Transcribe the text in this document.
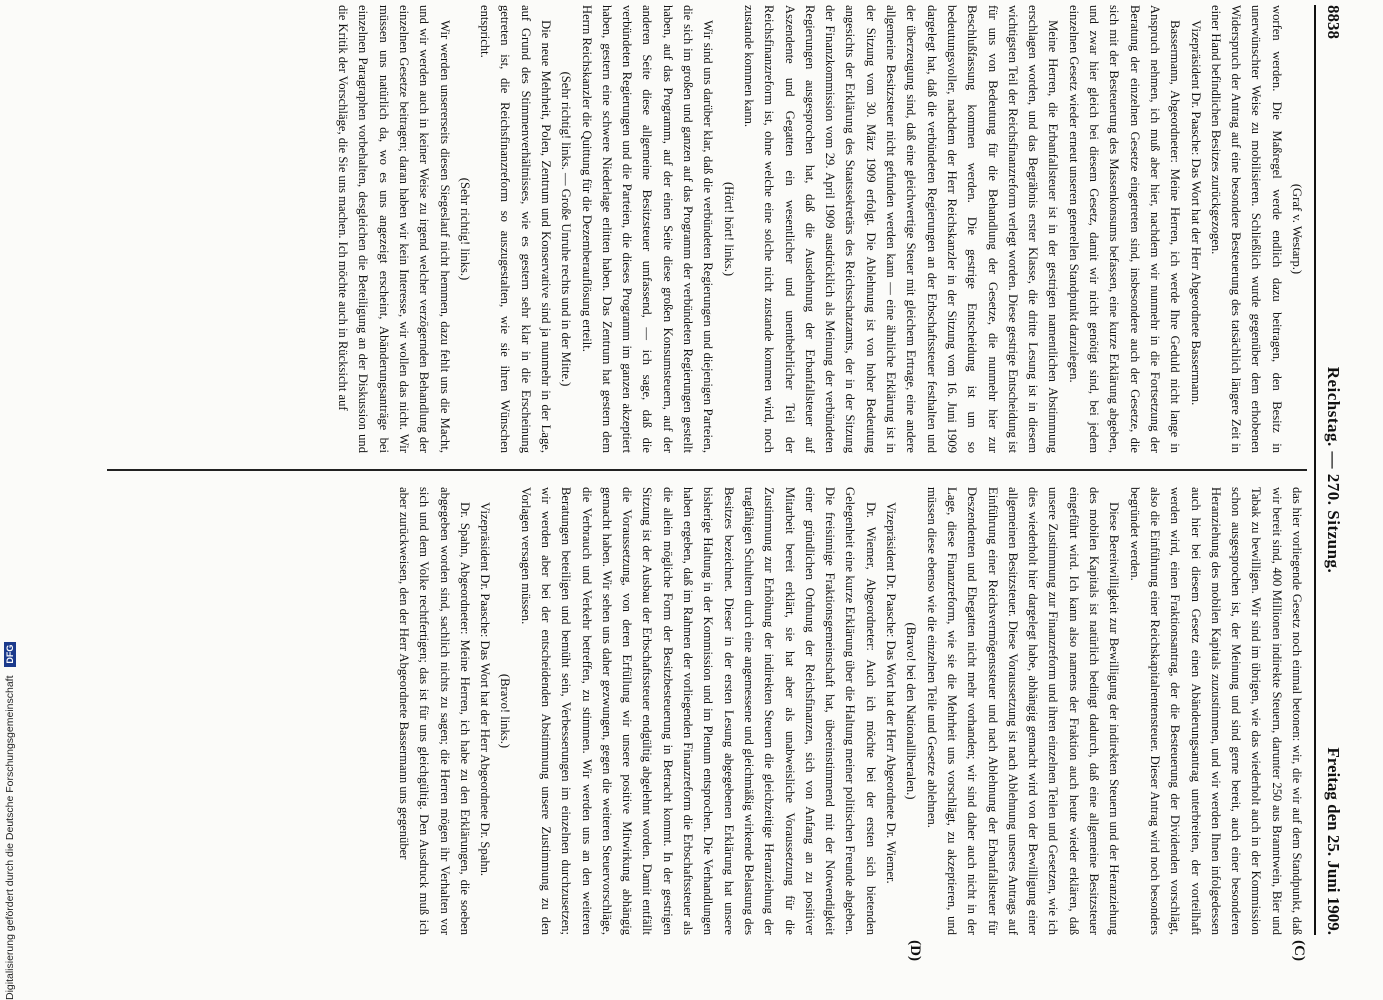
8838
Reichstag. — 270. Sitzung.
Freitag den 25. Juni 1909.
(C)
(D)

(Graf v. Westarp.)

worfen werden. Die Maßregel werde endlich dazu beitragen, den Besitz in unerwünschter Weise zu mobilisieren. Schließlich wurde gegenüber dem erhobenen Widerspruch der Antrag auf eine besondere Besteuerung des tatsächlich längere Zeit in einer Hand befindlichen Besitzes zurückgezogen.

Vizepräsident Dr. Paasche: Das Wort hat der Herr Abgeordnete Bassermann.

Bassermann, Abgeordneter: Meine Herren, ich werde Ihre Geduld nicht lange in Anspruch nehmen, ich muß aber hier, nachdem wir nunmehr in die Fortsetzung der Beratung der einzelnen Gesetze eingetreten sind, insbesondere auch der Gesetze, die sich mit der Besteuerung des Massenkonsums befassen, eine kurze Erklärung abgeben, und zwar hier gleich bei diesem Gesetz, damit wir nicht genötigt sind, bei jedem einzelnen Gesetz wieder erneut unseren generellen Standpunkt darzulegen.

Meine Herren, die Erbanfallsteuer ist in der gestrigen namentlichen Abstimmung erschlagen worden, und das Begräbnis erster Klasse, die dritte Lesung ist in diesem wichtigsten Teil der Reichsfinanzreform verlegt worden. Diese gestrige Entscheidung ist für uns von Bedeutung für die Behandlung der Gesetze, die nunmehr hier zur Beschlußfassung kommen werden. Die gestrige Entscheidung ist um so bedeutungsvoller, nachdem der Herr Reichskanzler in der Sitzung vom 16. Juni 1909 dargelegt hat, daß die verbündeten Regierungen an der Erbschaftssteuer festhalten und der überzeugung sind, daß eine gleichwertige Steuer mit gleichem Ertrage, eine andere allgemeine Besitzsteuer nicht gefunden werden kann — eine ähnliche Erklärung ist in der Sitzung vom 30. März 1909 erfolgt. Die Ablehnung ist von hoher Bedeutung angesichts der Erklärung des Staatssekretärs des Reichsschatzamts, der in der Sitzung der Finanzkommission vom 29. April 1909 ausdrücklich als Meinung der verbündeten Regierungen ausgesprochen hat, daß die Ausdehnung der Erbanfallsteuer auf Aszendente und Gegatten ein wesentlicher und unentbehrlicher Teil der Reichsfinanzreform ist, ohne welche eine solche nicht zustande kommen wird, noch zustande kommen kann.

(Hört! hört! links.)

Wir sind uns darüber klar, daß die verbündeten Regierungen und diejenigen Parteien, die sich im großen und ganzen auf das Programm der verbündeten Regierungen gestellt haben, auf das Programm, auf der einen Seite diese großen Konsumsteuern, auf der anderen Seite diese allgemeine Besitzsteuer umfassend, — ich sage, daß die verbündeten Regierungen und die Parteien, die dieses Programm im ganzen akzeptiert haben, gestern eine schwere Niederlage erlitten haben. Das Zentrum hat gestern dem Herrn Reichskanzler die Quittung für die Dezemberauflösung erteilt.

(Sehr richtig! links. — Große Unruhe rechts und in der Mitte.)

Die neue Mehrheit, Polen, Zentrum und Konservative sind ja nunmehr in der Lage, auf Grund des Stimmenverhältnisses, wie es gestern sehr klar in die Erscheinung getreten ist, die Reichsfinanzreform so auszugestalten, wie sie ihren Wünschen entspricht.

(Sehr richtig! links.)

Wir werden unsererseits diesen Siegeslauf nicht hemmen, dazu fehlt uns die Macht, und wir werden auch in keiner Weise zu irgend welcher verzögernden Behandlung der einzelnen Gesetze beitragen; daran haben wir kein Interesse, wir wollen das nicht. Wir müssen uns natürlich da, wo es uns angezeigt erscheint, Abänderungsanträge bei einzelnen Paragraphen vorbehalten, desgleichen die Beteiligung an der Diskussion und die Kritik der Vorschläge, die Sie uns machen. Ich möchte auch in Rücksicht auf

das hier vorliegende Gesetz noch einmal betonen: wir, die wir auf dem Standpunkt, daß wir bereit sind, 400 Millionen indirekte Steuern, darunter 250 aus Branntwein, Bier und Tabak zu bewilligen. Wir sind im übrigen, wie das wiederholt auch in der Kommission schon ausgesprochen ist, der Meinung und sind gerne bereit, auch einer besonderen Heranziehung des mobilen Kapitals zuzustimmen, und wir werden Ihnen infolgedessen auch hier bei diesem Gesetz einen Abänderungsantrag unterbreiten, der vorteilhaft werden wird, einen Fraktionsantrag, der die Besteuerung der Dividenden vorschlägt, also die Einführung einer Reichskapitalrentensteuer. Dieser Antrag wird noch besonders begründet werden.

Diese Bereitwilligkeit zur Bewilligung der indirekten Steuern und der Heranziehung des mobilen Kapitals ist natürlich bedingt dadurch, daß eine allgemeine Besitzsteuer eingeführt wird. Ich kann also namens der Fraktion auch heute wieder erklären, daß unsere Zustimmung zur Finanzreform und ihren einzelnen Teilen und Gesetzen, wie ich dies wiederholt hier dargelegt habe, abhängig gemacht wird von der Bewilligung einer allgemeinen Besitzsteuer. Diese Voraussetzung ist nach Ablehnung unseres Antrags auf Einführung einer Reichsvermögenssteuer und nach Ablehnung der Erbanfallsteuer für Deszendenten und Ehegatten nicht mehr vorhanden; wir sind daher auch nicht in der Lage, diese Finanzreform, wie sie die Mehrheit uns vorschlägt, zu akzeptieren, und müssen diese ebenso wie die einzelnen Teile und Gesetze ablehnen.

(Bravo! bei den Nationalliberalen.)

Vizepräsident Dr. Paasche: Das Wort hat der Herr Abgeordnete Dr. Wiemer.

Dr. Wiemer, Abgeordneter: Auch ich möchte bei der ersten sich bietenden Gelegenheit eine kurze Erklärung über die Haltung meiner politischen Freunde abgeben. Die freisinnige Fraktionsgemeinschaft hat, übereinstimmend mit der Notwendigkeit einer gründlichen Ordnung der Reichsfinanzen, sich von Anfang an zu positiver Mitarbeit bereit erklärt, sie hat aber als unabweisliche Voraussetzung für die Zustimmung zur Erhöhung der indirekten Steuern die gleichzeitige Heranziehung der tragfähigen Schultern durch eine angemessene und gleichmäßig wirkende Belastung des Besitzes bezeichnet. Dieser in der ersten Lesung abgegebenen Erklärung hat unsere bisherige Haltung in der Kommission und im Plenum entsprochen. Die Verhandlungen haben ergeben, daß im Rahmen der vorliegenden Finanzreform die Erbschaftssteuer als die allein mögliche Form der Besitzbesteuerung in Betracht kommt. In der gestrigen Sitzung ist der Ausbau der Erbschaftssteuer endgültig abgelehnt worden. Damit entfällt die Voraussetzung, von deren Erfüllung wir unsere positive Mitwirkung abhängig gemacht haben. Wir sehen uns daher gezwungen, gegen die weiteren Steuervorschläge, die Verbrauch und Verkehr betreffen, zu stimmen. Wir werden uns an den weiteren Beratungen beteiligen und bemüht sein, Verbesserungen im einzelnen durchzusetzen; wir werden aber bei der entscheidenden Abstimmung unsere Zustimmung zu den Vorlagen versagen müssen.

(Bravo! links.)

Vizepräsident Dr. Paasche: Das Wort hat der Herr Abgeordnete Dr. Spahn.

Dr. Spahn, Abgeordneter: Meine Herren, ich habe zu den Erklärungen, die soeben abgegeben worden sind, sachlich nichts zu sagen; die Herren mögen ihr Verhalten vor sich und dem Volke rechtfertigen; das ist für uns gleichgültig. Den Ausdruck muß ich aber zurückweisen, den der Herr Abgeordnete Bassermann uns gegenüber

Digitalisierung gefördert durch die Deutsche Forschungsgemeinschaft DFG
